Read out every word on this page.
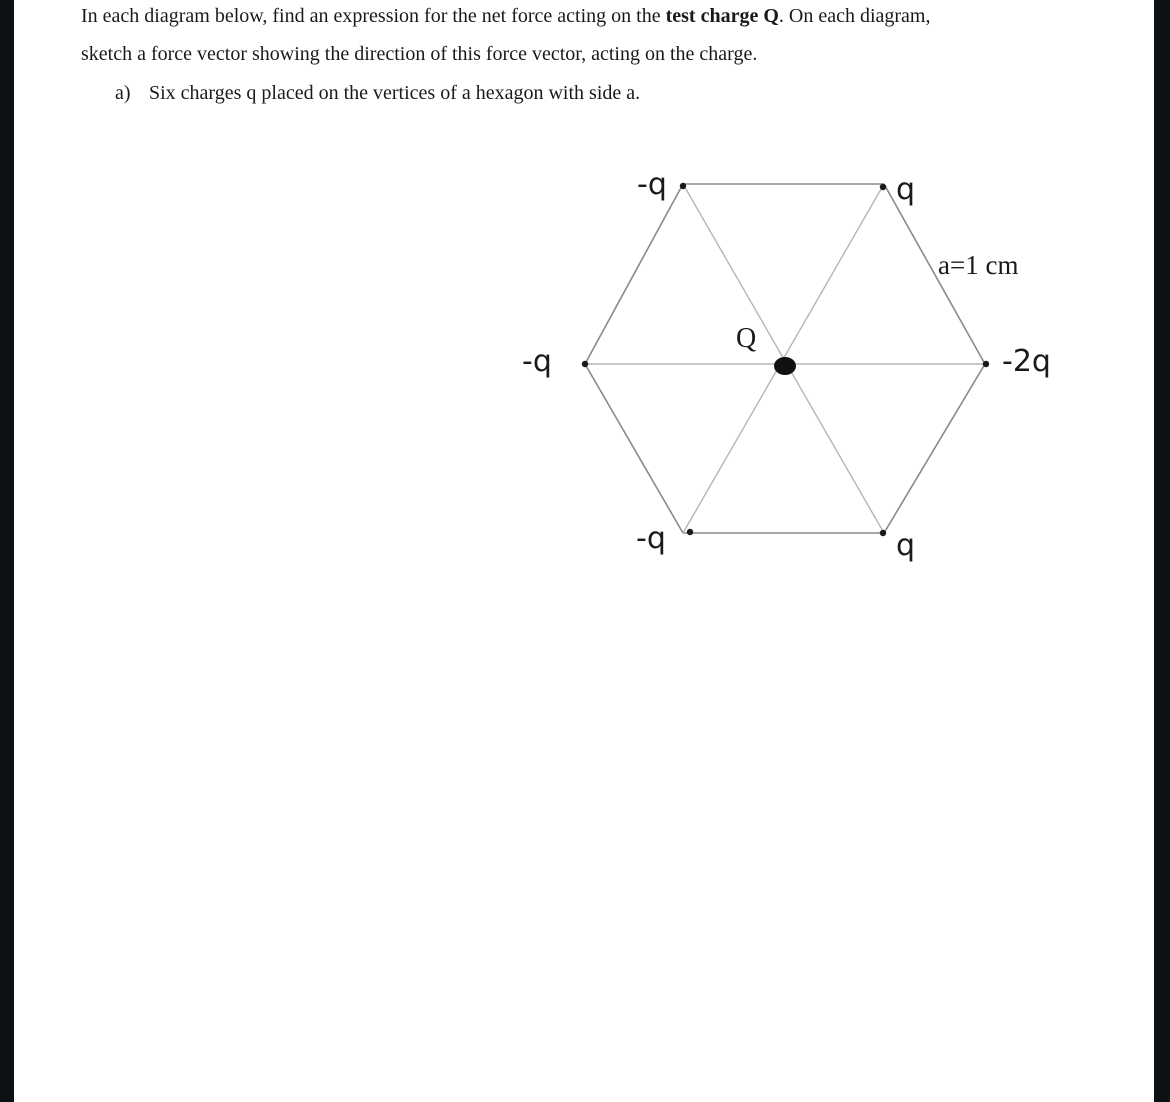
In each diagram below, find an expression for the net force acting on the test charge Q. On each diagram,
sketch a force vector showing the direction of this force vector, acting on the charge.
a) Six charges q placed on the vertices of a hexagon with side a.
Q
a=1 cm
-q	q
-2q
q
-q
-q
